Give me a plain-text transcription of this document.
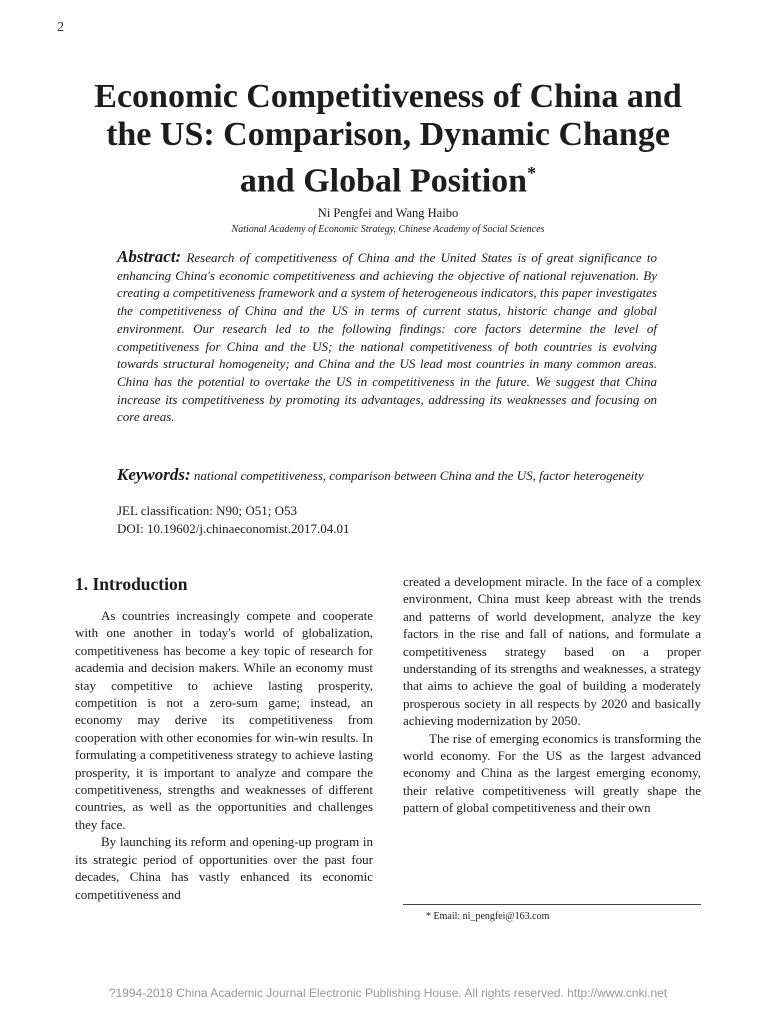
2
Economic Competitiveness of China and the US: Comparison, Dynamic Change and Global Position*
Ni Pengfei and Wang Haibo
National Academy of Economic Strategy, Chinese Academy of Social Sciences

Abstract: Research of competitiveness of China and the United States is of great significance to enhancing China's economic competitiveness and achieving the objective of national rejuvenation. By creating a competitiveness framework and a system of heterogeneous indicators, this paper investigates the competitiveness of China and the US in terms of current status, historic change and global environment. Our research led to the following findings: core factors determine the level of competitiveness for China and the US; the national competitiveness of both countries is evolving towards structural homogeneity; and China and the US lead most countries in many common areas. China has the potential to overtake the US in competitiveness in the future. We suggest that China increase its competitiveness by promoting its advantages, addressing its weaknesses and focusing on core areas.

Keywords: national competitiveness, comparison between China and the US, factor heterogeneity

JEL classification: N90; O51; O53
DOI: 10.19602/j.chinaeconomist.2017.04.01
1. Introduction

As countries increasingly compete and cooperate with one another in today's world of globalization, competitiveness has become a key topic of research for academia and decision makers. While an economy must stay competitive to achieve lasting prosperity, competition is not a zero-sum game; instead, an economy may derive its competitiveness from cooperation with other economies for win-win results. In formulating a competitiveness strategy to achieve lasting prosperity, it is important to analyze and compare the competitiveness, strengths and weaknesses of different countries, as well as the opportunities and challenges they face.

By launching its reform and opening-up program in its strategic period of opportunities over the past four decades, China has vastly enhanced its economic competitiveness and

created a development miracle. In the face of a complex environment, China must keep abreast with the trends and patterns of world development, analyze the key factors in the rise and fall of nations, and formulate a competitiveness strategy based on a proper understanding of its strengths and weaknesses, a strategy that aims to achieve the goal of building a moderately prosperous society in all respects by 2020 and basically achieving modernization by 2050.

The rise of emerging economics is transforming the world economy. For the US as the largest advanced economy and China as the largest emerging economy, their relative competitiveness will greatly shape the pattern of global competitiveness and their own

* Email: ni_pengfei@163.com
?1994-2018 China Academic Journal Electronic Publishing House. All rights reserved. http://www.cnki.net
